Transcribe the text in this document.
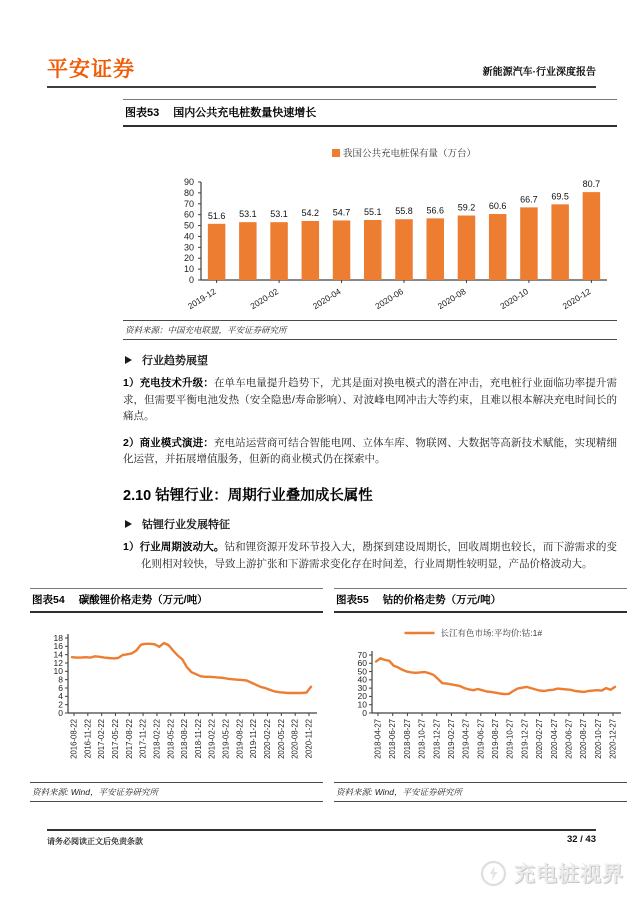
平安证券	新能源汽车·行业深度报告
图表53 国内公共充电桩数量快速增长
我国公共充电桩保有量（万台）
0
10
20
30
40
50
60
70
80
90
51.6 53.1 53.1 54.2 54.7 55.1 55.8 56.6 59.2 60.6
66.7 69.5
80.7
2019-12	2020-02	2020-04	2020-06	2020-08	2020-10	2020-12
资料来源：中国充电联盟，平安证券研究所
行业趋势展望

1）充电技术升级：在单车电量提升趋势下，尤其是面对换电模式的潜在冲击，充电桩行业面临功率提升需求，但需要平衡电池发热（安全隐患/寿命影响）、对波峰电网冲击大等约束，且难以根本解决充电时间长的痛点。

2）商业模式演进：充电站运营商可结合智能电网、立体车库、物联网、大数据等高新技术赋能，实现精细化运营，并拓展增值服务，但新的商业模式仍在探索中。

2.10 钴锂行业：周期行业叠加成长属性
钴锂行业发展特征

1）行业周期波动大。钴和锂资源开发环节投入大，勘探到建设周期长，回收周期也较长，而下游需求的变化则相对较快，导致上游扩张和下游需求变化存在时间差，行业周期性较明显，产品价格波动大。

图表54 碳酸锂价格走势（万元/吨）
0
2
4
6
8
10
12
14
16
18
2016-08-22 2016-11-22 2017-02-22 2017-05-22 2017-08-22 2017-11-22 2018-02-22 2018-05-22 2018-08-22 2018-11-22 2019-02-22 2019-05-22 2019-08-22 2019-11-22 2020-02-22 2020-05-22 2020-08-22 2020-11-22
资料来源: Wind，平安证券研究所
图表55 钴的价格走势（万元/吨）
长江有色市场:平均价:钴:1#
0
10
20
30
40
50
60
70
2018-04-27 2018-06-27 2018-08-27 2018-10-27 2018-12-27 2019-02-27 2019-04-27 2019-06-27 2019-08-27 2019-10-27 2019-12-27 2020-02-27 2020-04-27 2020-06-27 2020-08-27 2020-10-27 2020-12-27
资料来源: Wind，平安证券研究所
请务必阅读正文后免责条款	32 / 43
充电桩视界
